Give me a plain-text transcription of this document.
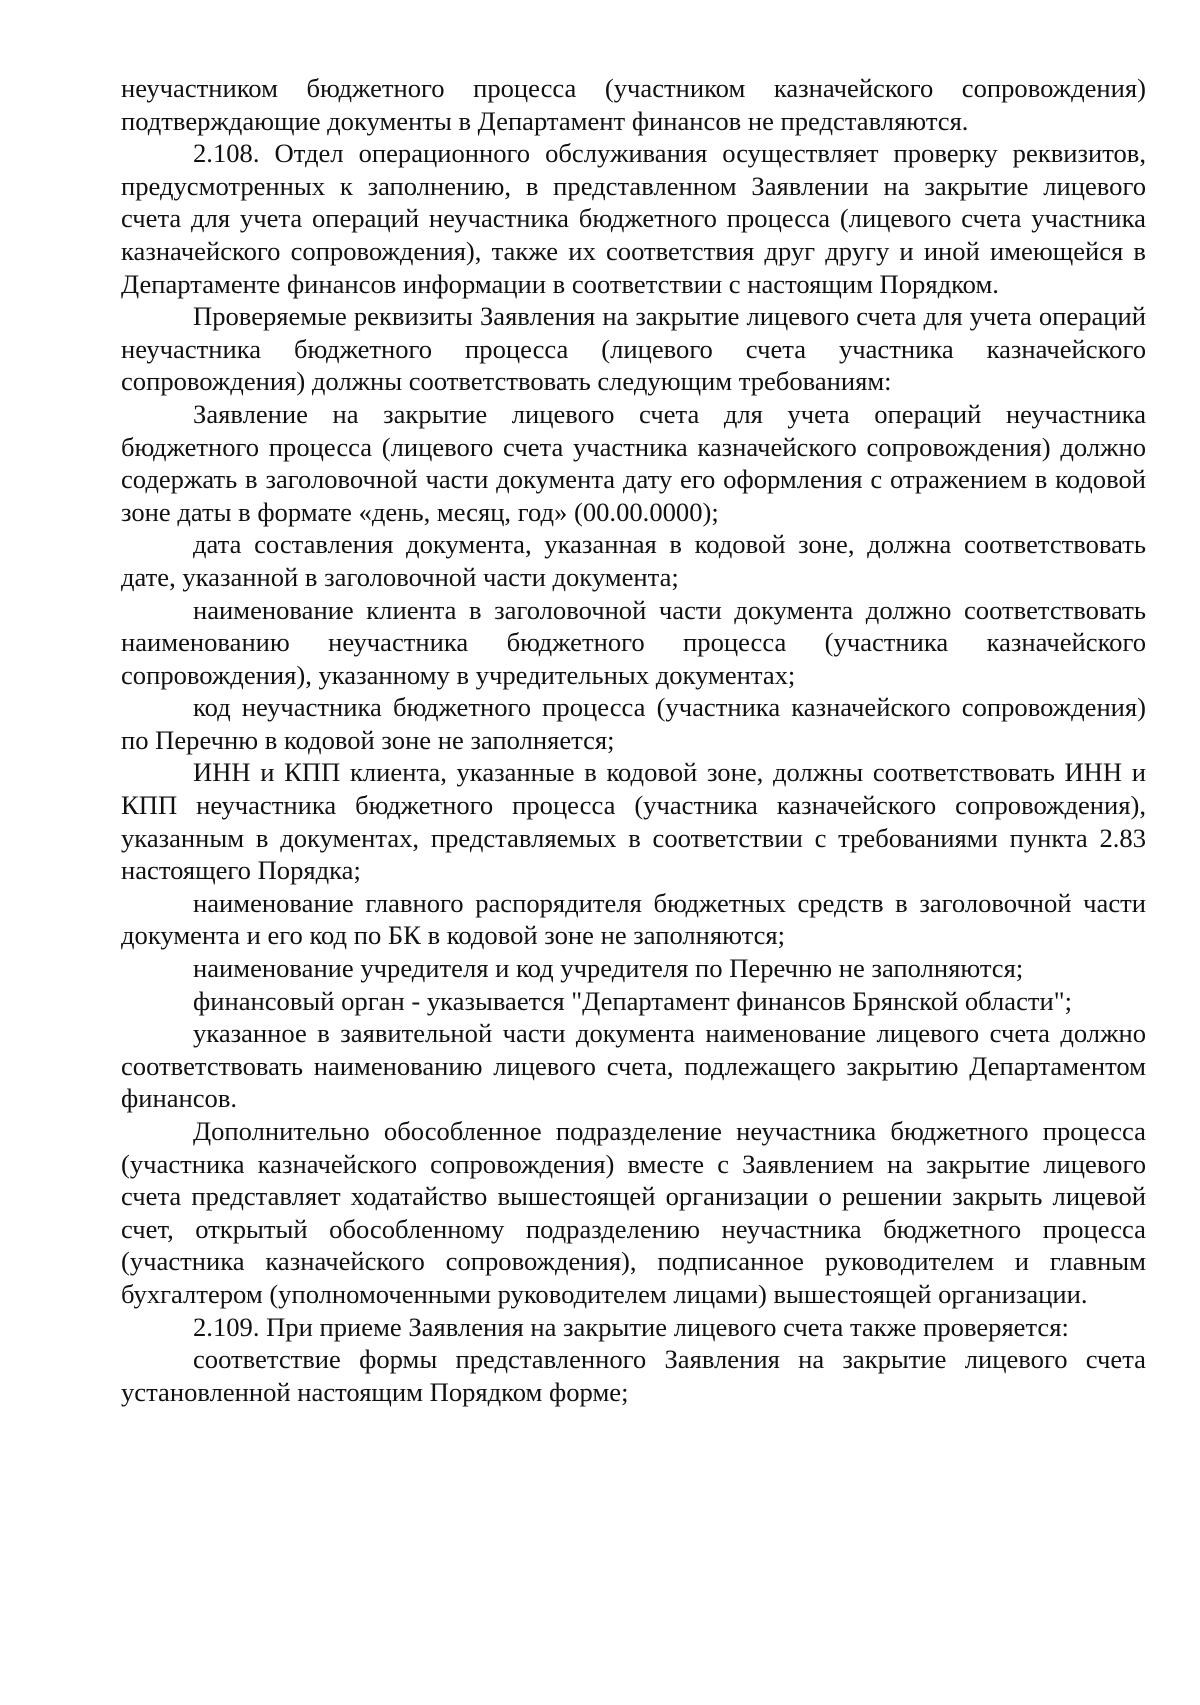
неучастником бюджетного процесса (участником казначейского сопровождения) подтверждающие документы в Департамент финансов не представляются.

2.108. Отдел операционного обслуживания осуществляет проверку реквизитов, предусмотренных к заполнению, в представленном Заявлении на закрытие лицевого счета для учета операций неучастника бюджетного процесса (лицевого счета участника казначейского сопровождения), также их соответствия друг другу и иной имеющейся в Департаменте финансов информации в соответствии с настоящим Порядком.

Проверяемые реквизиты Заявления на закрытие лицевого счета для учета операций неучастника бюджетного процесса (лицевого счета участника казначейского сопровождения) должны соответствовать следующим требованиям:

Заявление на закрытие лицевого счета для учета операций неучастника бюджетного процесса (лицевого счета участника казначейского сопровождения) должно содержать в заголовочной части документа дату его оформления с отражением в кодовой зоне даты в формате «день, месяц, год» (00.00.0000);

дата составления документа, указанная в кодовой зоне, должна соответствовать дате, указанной в заголовочной части документа;

наименование клиента в заголовочной части документа должно соответствовать наименованию неучастника бюджетного процесса (участника казначейского сопровождения), указанному в учредительных документах;

код неучастника бюджетного процесса (участника казначейского сопровождения) по Перечню в кодовой зоне не заполняется;

ИНН и КПП клиента, указанные в кодовой зоне, должны соответствовать ИНН и КПП неучастника бюджетного процесса (участника казначейского сопровождения), указанным в документах, представляемых в соответствии с требованиями пункта 2.83 настоящего Порядка;

наименование главного распорядителя бюджетных средств в заголовочной части документа и его код по БК в кодовой зоне не заполняются;

наименование учредителя и код учредителя по Перечню не заполняются;

финансовый орган - указывается "Департамент финансов Брянской области";

указанное в заявительной части документа наименование лицевого счета должно соответствовать наименованию лицевого счета, подлежащего закрытию Департаментом финансов.

Дополнительно обособленное подразделение неучастника бюджетного процесса (участника казначейского сопровождения) вместе с Заявлением на закрытие лицевого счета представляет ходатайство вышестоящей организации о решении закрыть лицевой счет, открытый обособленному подразделению неучастника бюджетного процесса (участника казначейского сопровождения), подписанное руководителем и главным бухгалтером (уполномоченными руководителем лицами) вышестоящей организации.

2.109. При приеме Заявления на закрытие лицевого счета также проверяется:

соответствие формы представленного Заявления на закрытие лицевого счета установленной настоящим Порядком форме;
